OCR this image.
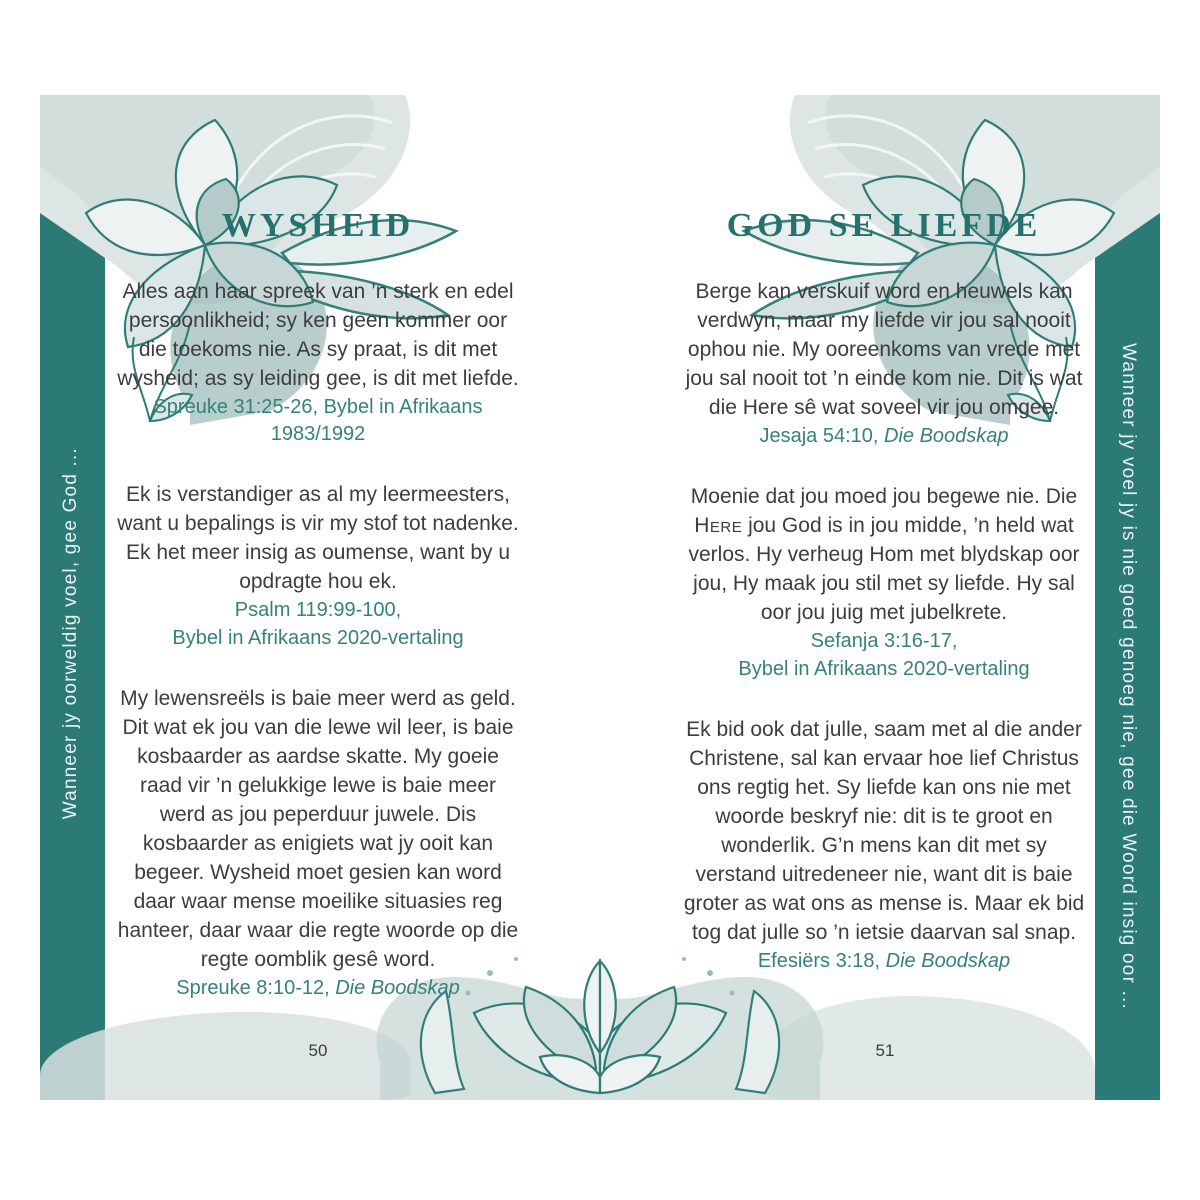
Wanneer jy oorweldig voel, gee God ...	Wanneer jy voel jy is nie goed genoeg nie, gee die Woord insig oor ...
WYSHEID

Alles aan haar spreek van ’n sterk en edel persoonlikheid; sy ken geen kommer oor die toekoms nie. As sy praat, is dit met wysheid; as sy leiding gee, is dit met liefde.

Spreuke 31:25-26, Bybel in Afrikaans 1983/1992

Ek is verstandiger as al my leermeesters, want u bepalings is vir my stof tot nadenke. Ek het meer insig as oumense, want by u opdragte hou ek.

Psalm 119:99-100,

Bybel in Afrikaans 2020-vertaling

My lewensreëls is baie meer werd as geld. Dit wat ek jou van die lewe wil leer, is baie kosbaarder as aardse skatte. My goeie raad vir ’n gelukkige lewe is baie meer werd as jou peperduur juwele. Dis kosbaarder as enigiets wat jy ooit kan begeer. Wysheid moet gesien kan word daar waar mense moeilike situasies reg hanteer, daar waar die regte woorde op die regte oomblik gesê word.

Spreuke 8:10-12, Die Boodskap

GOD SE LIEFDE

Berge kan verskuif word en heuwels kan verdwyn, maar my liefde vir jou sal nooit ophou nie. My ooreenkoms van vrede met jou sal nooit tot ’n einde kom nie. Dit is wat die Here sê wat soveel vir jou omgee.

Jesaja 54:10, Die Boodskap

Moenie dat jou moed jou begewe nie. Die Here jou God is in jou midde, ’n held wat verlos. Hy verheug Hom met blydskap oor jou, Hy maak jou stil met sy liefde. Hy sal oor jou juig met jubelkrete.

Sefanja 3:16-17,

Bybel in Afrikaans 2020-vertaling

Ek bid ook dat julle, saam met al die ander Christene, sal kan ervaar hoe lief Christus ons regtig het. Sy liefde kan ons nie met woorde beskryf nie: dit is te groot en wonderlik. G’n mens kan dit met sy verstand uitredeneer nie, want dit is baie groter as wat ons as mense is. Maar ek bid tog dat julle so ’n ietsie daarvan sal snap.

Efesiërs 3:18, Die Boodskap

50	51
